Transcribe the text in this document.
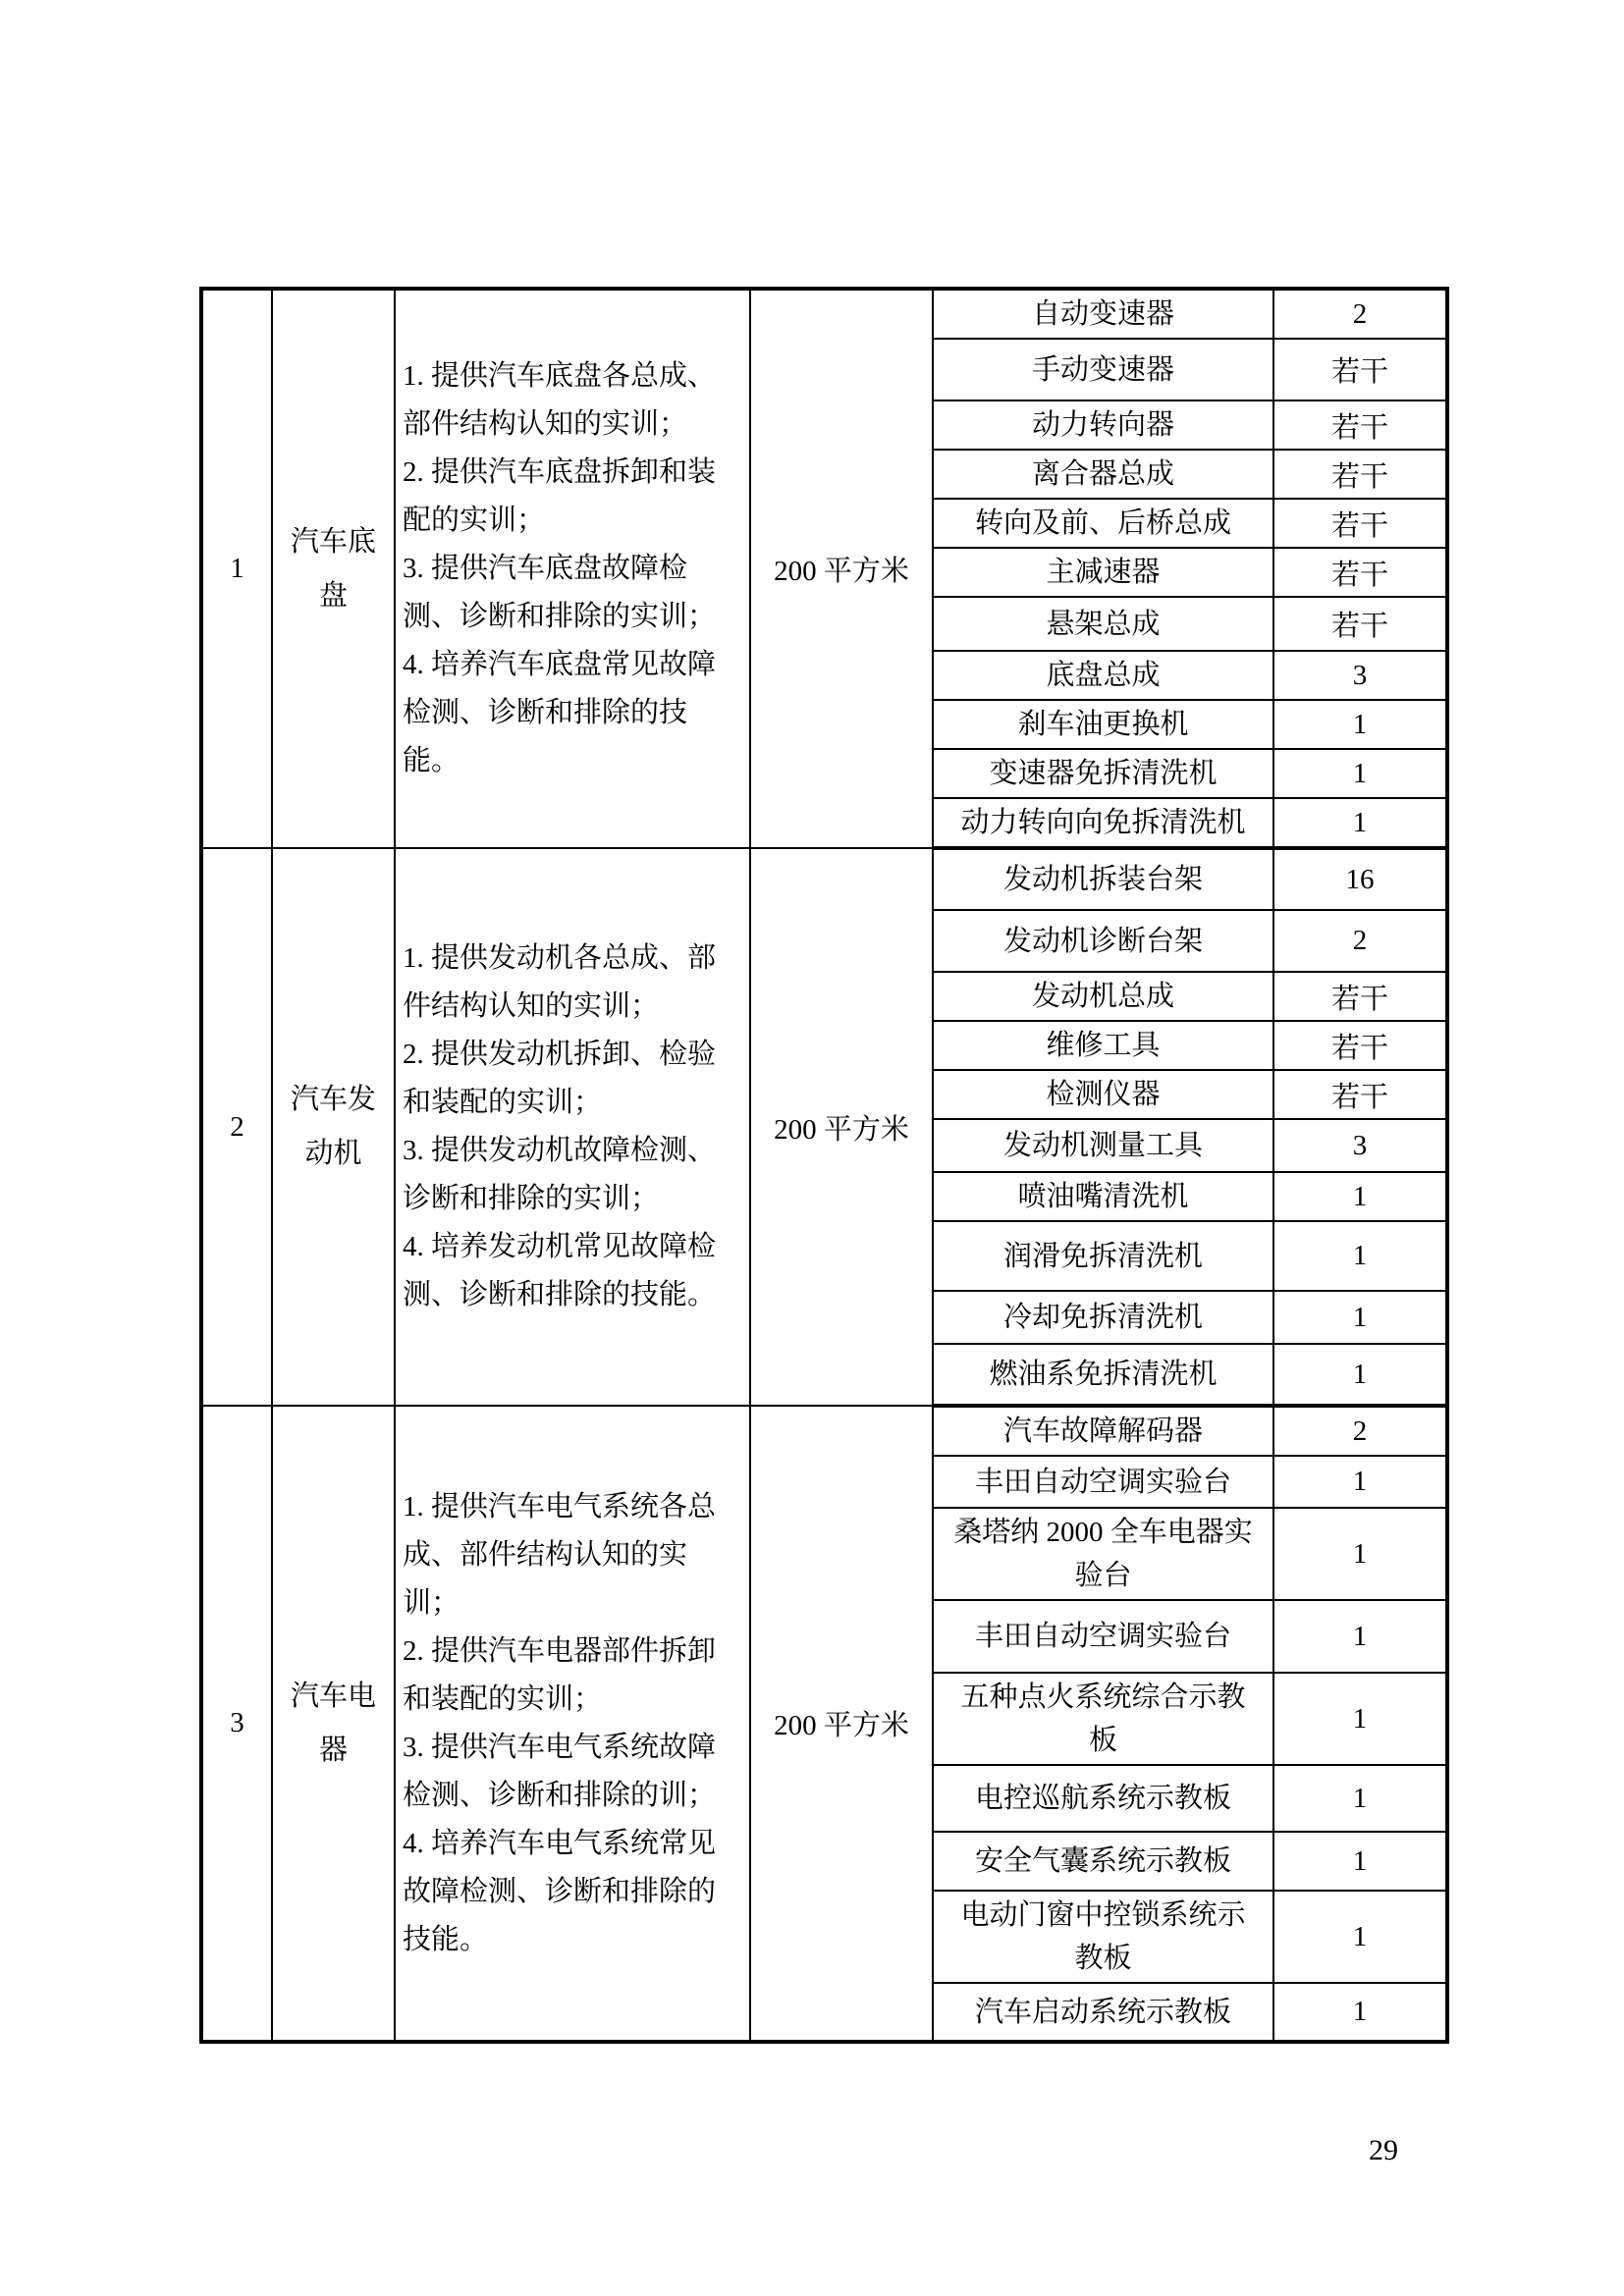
1	汽车底盘	1. 提供汽车底盘各总成、部件结构认知的实训；
2. 提供汽车底盘拆卸和装配的实训；
3. 提供汽车底盘故障检测、诊断和排除的实训；
4. 培养汽车底盘常见故障检测、诊断和排除的技能。	200 平方米	自动变速器	2
				手动变速器	若干
				动力转向器	若干
				离合器总成	若干
				转向及前、后桥总成	若干
				主减速器	若干
				悬架总成	若干
				底盘总成	3
				刹车油更换机	1
				变速器免拆清洗机	1
				动力转向向免拆清洗机	1
2	汽车发动机	1. 提供发动机各总成、部件结构认知的实训；
2. 提供发动机拆卸、检验和装配的实训；
3. 提供发动机故障检测、诊断和排除的实训；
4. 培养发动机常见故障检测、诊断和排除的技能。	200 平方米	发动机拆装台架	16
				发动机诊断台架	2
				发动机总成	若干
				维修工具	若干
				检测仪器	若干
				发动机测量工具	3
				喷油嘴清洗机	1
				润滑免拆清洗机	1
				冷却免拆清洗机	1
				燃油系免拆清洗机	1
3	汽车电器	1. 提供汽车电气系统各总成、部件结构认知的实训；
2. 提供汽车电器部件拆卸和装配的实训；
3. 提供汽车电气系统故障检测、诊断和排除的训；
4. 培养汽车电气系统常见故障检测、诊断和排除的技能。	200 平方米	汽车故障解码器	2
				丰田自动空调实验台	1
				桑塔纳 2000 全车电器实验台	1
				丰田自动空调实验台	1
				五种点火系统综合示教板	1
				电控巡航系统示教板	1
				安全气囊系统示教板	1
				电动门窗中控锁系统示教板	1
				汽车启动系统示教板	1
29
